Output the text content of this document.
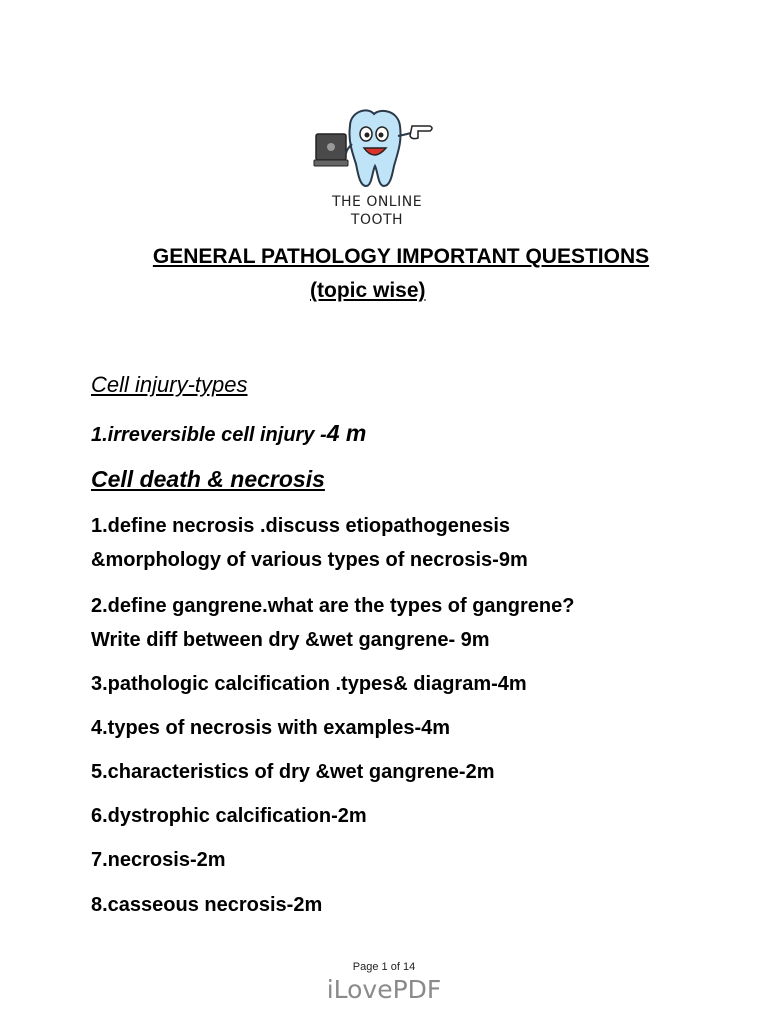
THE ONLINE
TOOTH
GENERAL PATHOLOGY IMPORTANT QUESTIONS
(topic wise)
Cell injury-types
1.irreversible cell injury -4 m
Cell death & necrosis
1.define necrosis .discuss etiopathogenesis
&morphology of various types of necrosis-9m
2.define gangrene.what are the types of gangrene?
Write diff between dry &wet gangrene- 9m
3.pathologic calcification .types& diagram-4m
4.types of necrosis with examples-4m
5.characteristics of dry &wet gangrene-2m
6.dystrophic calcification-2m
7.necrosis-2m
8.casseous necrosis-2m
Page 1 of 14
iLovePDF
